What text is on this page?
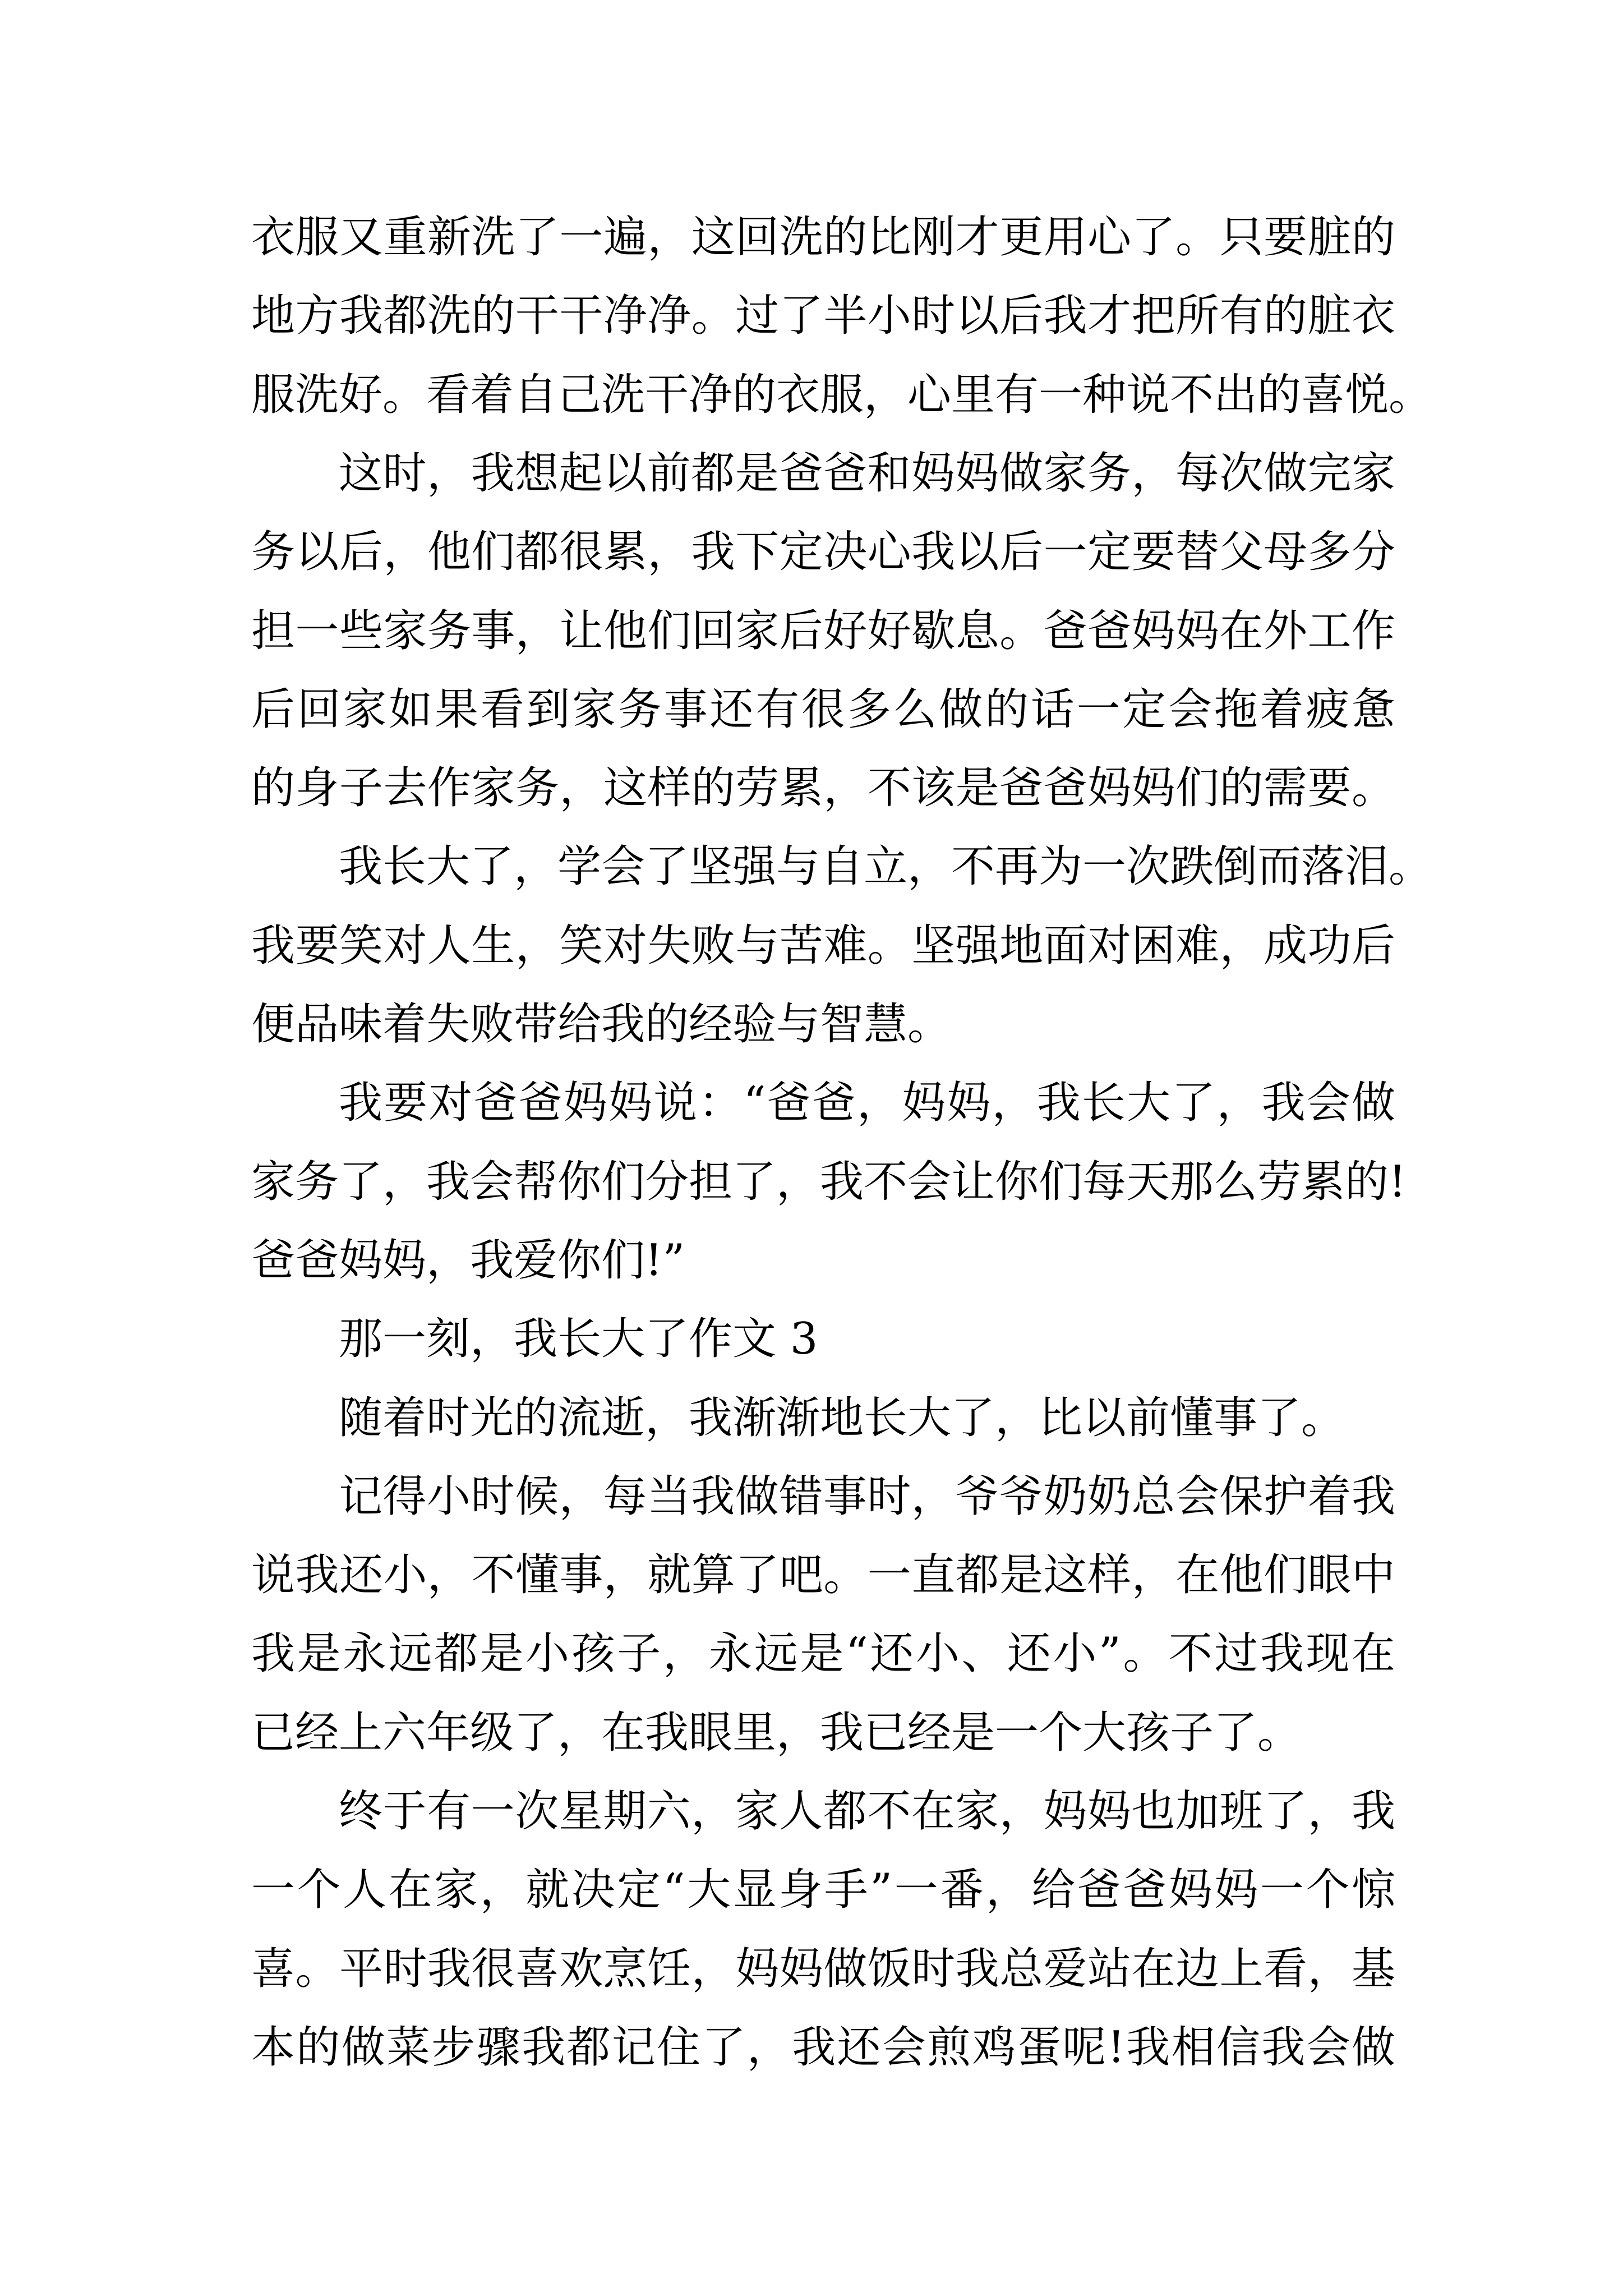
衣服又重新洗了一遍，这回洗的比刚才更用心了。只要脏的
地方我都洗的干干净净。过了半小时以后我才把所有的脏衣
服洗好。看着自己洗干净的衣服，心里有一种说不出的喜悦。
这时，我想起以前都是爸爸和妈妈做家务，每次做完家
务以后，他们都很累，我下定决心我以后一定要替父母多分
担一些家务事，让他们回家后好好歇息。爸爸妈妈在外工作
后回家如果看到家务事还有很多么做的话一定会拖着疲惫
的身子去作家务，这样的劳累，不该是爸爸妈妈们的需要。
我长大了，学会了坚强与自立，不再为一次跌倒而落泪。
我要笑对人生，笑对失败与苦难。坚强地面对困难，成功后
便品味着失败带给我的经验与智慧。
我要对爸爸妈妈说：“爸爸，妈妈，我长大了，我会做
家务了，我会帮你们分担了，我不会让你们每天那么劳累的!
爸爸妈妈，我爱你们!”
那一刻，我长大了作文 3
随着时光的流逝，我渐渐地长大了，比以前懂事了。
记得小时候，每当我做错事时，爷爷奶奶总会保护着我
说我还小，不懂事，就算了吧。一直都是这样，在他们眼中
我是永远都是小孩子，永远是“还小、还小”。不过我现在
已经上六年级了，在我眼里，我已经是一个大孩子了。
终于有一次星期六，家人都不在家，妈妈也加班了，我
一个人在家，就决定“大显身手”一番，给爸爸妈妈一个惊
喜。平时我很喜欢烹饪，妈妈做饭时我总爱站在边上看，基
本的做菜步骤我都记住了，我还会煎鸡蛋呢!我相信我会做
